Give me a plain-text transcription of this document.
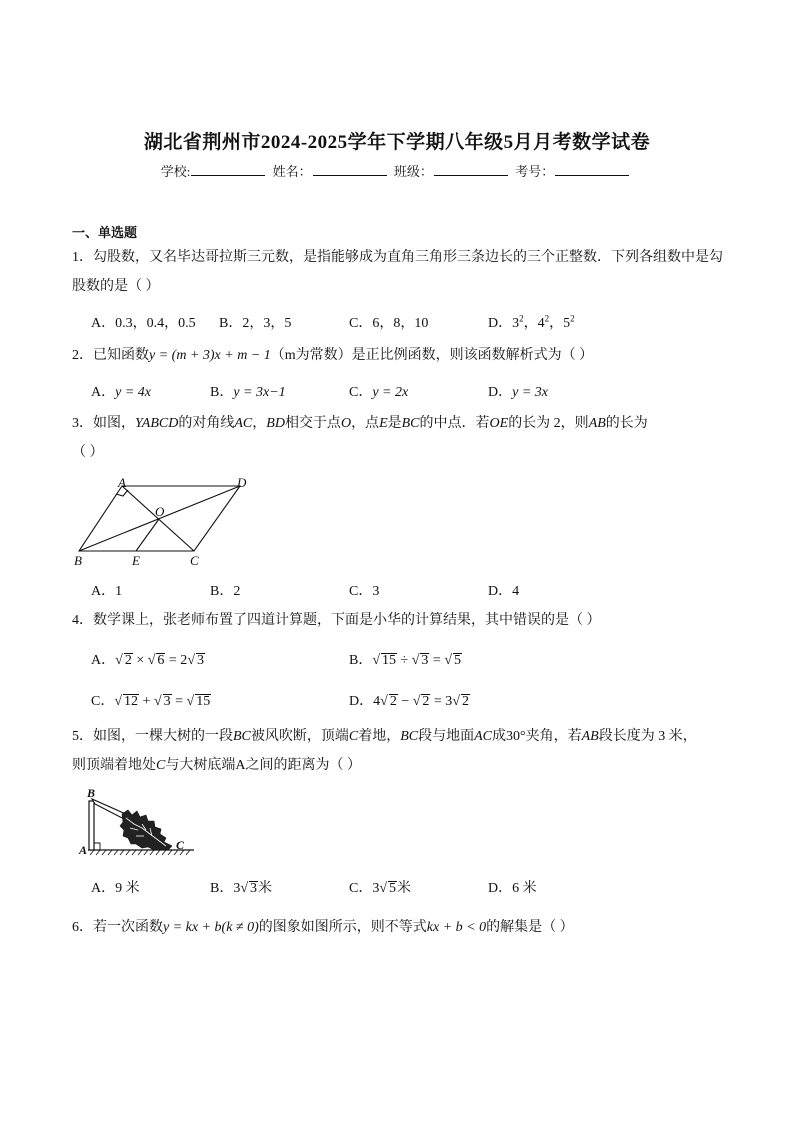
湖北省荆州市2024-2025学年下学期八年级5月月考数学试卷
学校:	姓名：	班级：	考号：
一、单选题
1．勾股数，又名毕达哥拉斯三元数，是指能够成为直角三角形三条边长的三个正整数．下列各组数中是勾股数的是（ ）
A．0.3，0.4，0.5 B．2，3，5	C．6，8，10	D．$3^2$，$4^2$，$5^2$
2．已知函数y = (m + 3)x + m − 1（m为常数）是正比例函数，则该函数解析式为（ ）
A．y = 4x	B．y = 3x−1	C．y = 2x	D．y = 3x
3．如图，YABCD的对角线AC，BD相交于点O，点E是BC的中点．若OE的长为 2，则AB的长为
（ ）
A	D
O
B	E	C
A．1	B．2	C．3	D．4
4．数学课上，张老师布置了四道计算题，下面是小华的计算结果，其中错误的是（ ）
A．√ 2 × √ 6 = 2√ 3	B．√ 15 ÷ √ 3 = √ 5
C．√ 12 + √ 3 = √ 15	D．4√ 2 − √ 2 = 3√ 2
5．如图，一棵大树的一段BC被风吹断，顶端C着地，BC段与地面AC成30°夹角，若AB段长度为 3 米，
则顶端着地处C与大树底端A之间的距离为（ ）
B
A	C
A．9 米	B．3√ 3米	C．3√ 5米	D．6 米
6．若一次函数y = kx + b(k ≠ 0)的图象如图所示，则不等式kx + b < 0的解集是（ ）
